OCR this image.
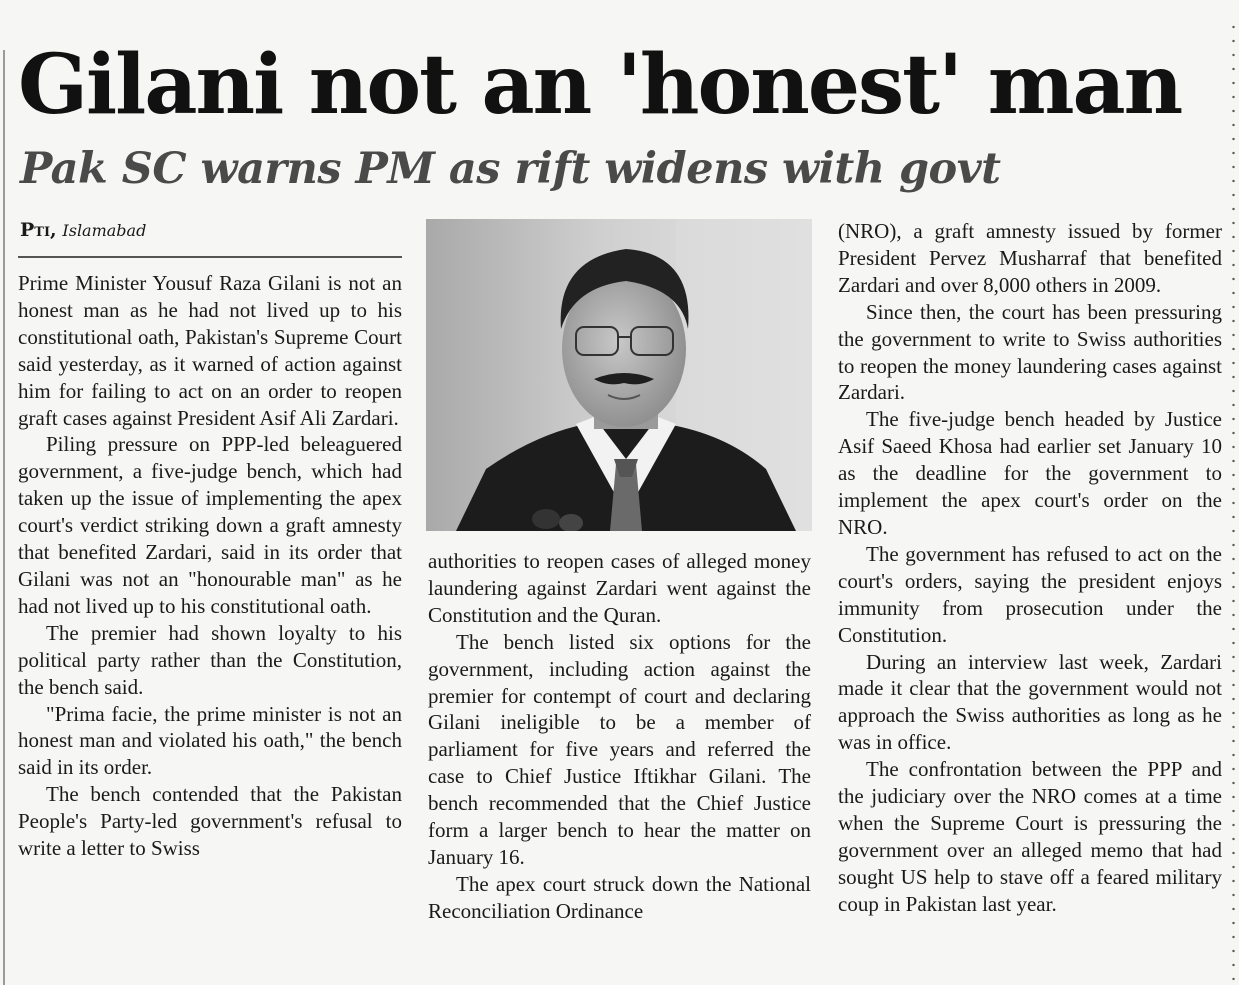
Gilani not an 'honest' man
Pak SC warns PM as rift widens with govt
Pti, Islamabad

Prime Minister Yousuf Raza Gilani is not an honest man as he had not lived up to his constitutional oath, Pakistan's Supreme Court said yesterday, as it warned of action against him for failing to act on an order to reopen graft cases against President Asif Ali Zardari.

Piling pressure on PPP-led beleaguered government, a five-judge bench, which had taken up the issue of implementing the apex court's verdict striking down a graft amnesty that benefited Zardari, said in its order that Gilani was not an "honourable man" as he had not lived up to his constitutional oath.

The premier had shown loyalty to his political party rather than the Constitution, the bench said.

"Prima facie, the prime minister is not an honest man and violated his oath," the bench said in its order.

The bench contended that the Pakistan People's Party-led government's refusal to write a letter to Swiss

authorities to reopen cases of alleged money laundering against Zardari went against the Constitution and the Quran.

The bench listed six options for the government, including action against the premier for contempt of court and declaring Gilani ineligible to be a member of parliament for five years and referred the case to Chief Justice Iftikhar Gilani. The bench recommended that the Chief Justice form a larger bench to hear the matter on January 16.

The apex court struck down the National Reconciliation Ordinance

(NRO), a graft amnesty issued by former President Pervez Musharraf that benefited Zardari and over 8,000 others in 2009.

Since then, the court has been pressuring the government to write to Swiss authorities to reopen the money laundering cases against Zardari.

The five-judge bench headed by Justice Asif Saeed Khosa had earlier set January 10 as the deadline for the government to implement the apex court's order on the NRO.

The government has refused to act on the court's orders, saying the president enjoys immunity from prosecution under the Constitution.

During an interview last week, Zardari made it clear that the government would not approach the Swiss authorities as long as he was in office.

The confrontation between the PPP and the judiciary over the NRO comes at a time when the Supreme Court is pressuring the government over an alleged memo that had sought US help to stave off a feared military coup in Pakistan last year.
